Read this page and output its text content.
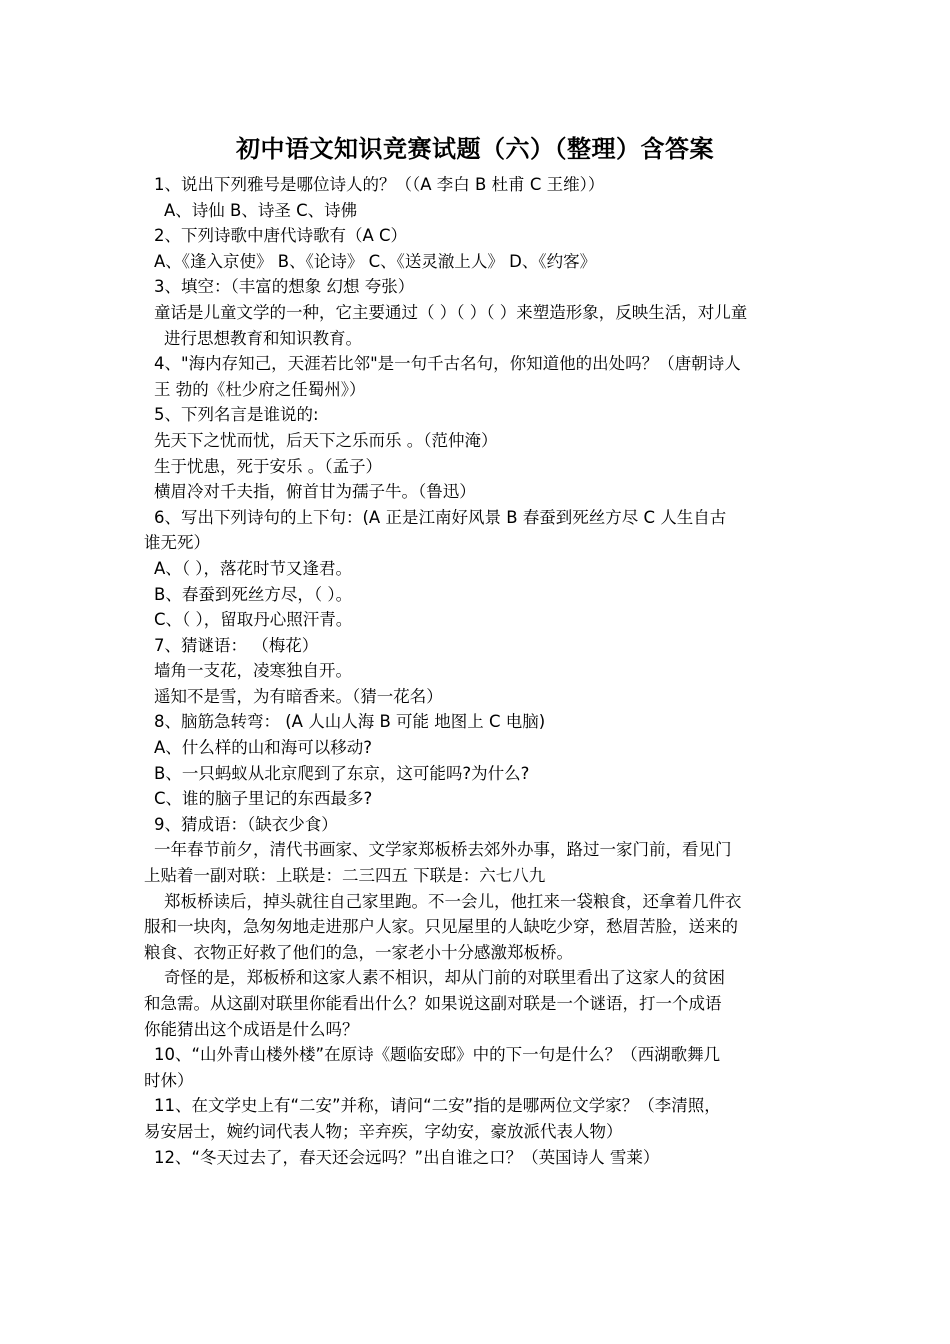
初中语文知识竞赛试题（六）（整理）含答案
1、说出下列雅号是哪位诗人的？（（A 李白 B 杜甫 C 王维））
A、诗仙 B、诗圣 C、诗佛
2、下列诗歌中唐代诗歌有（A C）
A、《逢入京使》 B、《论诗》 C、《送灵澈上人》 D、《约客》
3、填空：（丰富的想象 幻想 夸张）
童话是儿童文学的一种，它主要通过（ ）（ ）（ ）来塑造形象，反映生活，对儿童
进行思想教育和知识教育。
4、"海内存知己，天涯若比邻"是一句千古名句，你知道他的出处吗？（唐朝诗人
王 勃的《杜少府之任蜀州》）
5、下列名言是谁说的:
先天下之忧而忧，后天下之乐而乐 。（范仲淹）
生于忧患，死于安乐 。（孟子）
横眉冷对千夫指，俯首甘为孺子牛。（鲁迅）
6、写出下列诗句的上下句：(A 正是江南好风景 B 春蚕到死丝方尽 C 人生自古
谁无死）
A、（ ），落花时节又逢君。
B、春蚕到死丝方尽，（ ）。
C、（ ），留取丹心照汗青。
7、猜谜语： （梅花）
墙角一支花，凌寒独自开。
遥知不是雪，为有暗香来。（猜一花名）
8、脑筋急转弯： (A 人山人海 B 可能 地图上 C 电脑)
A、什么样的山和海可以移动?
B、一只蚂蚁从北京爬到了东京，这可能吗?为什么?
C、谁的脑子里记的东西最多?
9、猜成语：（缺衣少食）
一年春节前夕，清代书画家、文学家郑板桥去郊外办事，路过一家门前，看见门
上贴着一副对联：上联是：二三四五 下联是：六七八九
郑板桥读后，掉头就往自己家里跑。不一会儿，他扛来一袋粮食，还拿着几件衣
服和一块肉，急匆匆地走进那户人家。只见屋里的人缺吃少穿，愁眉苦脸，送来的
粮食、衣物正好救了他们的急，一家老小十分感激郑板桥。
奇怪的是，郑板桥和这家人素不相识，却从门前的对联里看出了这家人的贫困
和急需。从这副对联里你能看出什么？如果说这副对联是一个谜语，打一个成语
你能猜出这个成语是什么吗？
10、“山外青山楼外楼”在原诗《题临安邸》中的下一句是什么？（西湖歌舞几
时休）
11、在文学史上有“二安”并称，请问“二安”指的是哪两位文学家？（李清照，
易安居士，婉约词代表人物；辛弃疾，字幼安，豪放派代表人物）
12、“冬天过去了，春天还会远吗？”出自谁之口？（英国诗人 雪莱）
